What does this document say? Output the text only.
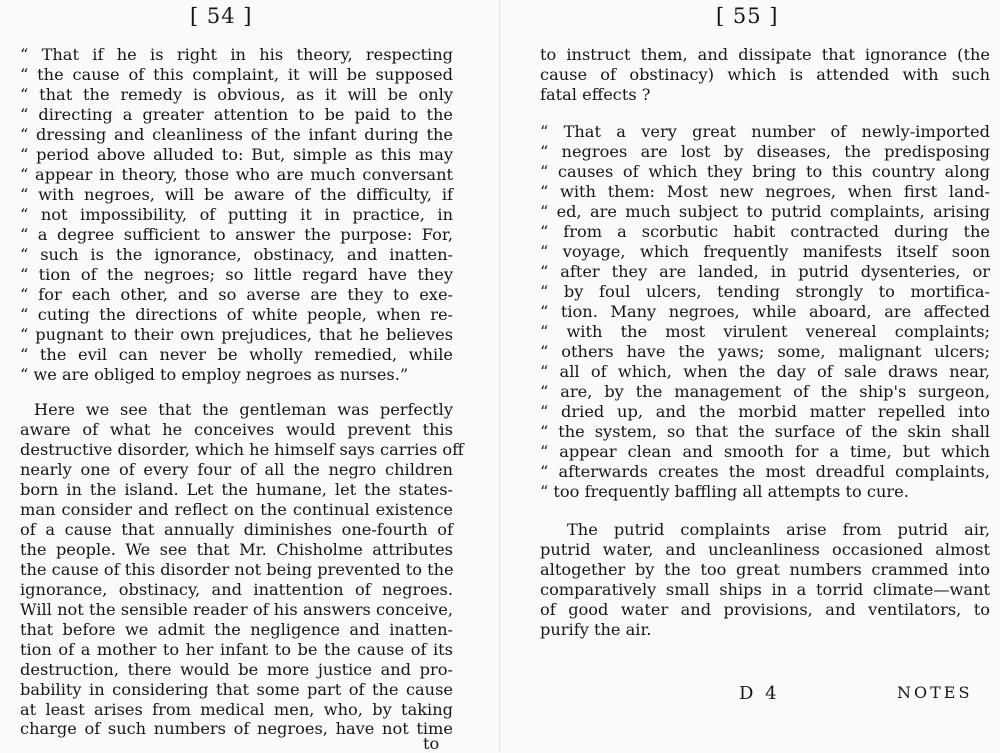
[ 54 ]
“ That if he is right in his theory, respecting
“ the cause of this complaint, it will be supposed
“ that the remedy is obvious, as it will be only
“ directing a greater attention to be paid to the
“ dressing and cleanliness of the infant during the
“ period above alluded to: But, simple as this may
“ appear in theory, those who are much conversant
“ with negroes, will be aware of the difficulty, if
“ not impossibility, of putting it in practice, in
“ a degree sufficient to answer the purpose: For,
“ such is the ignorance, obstinacy, and inatten-
“ tion of the negroes; so little regard have they
“ for each other, and so averse are they to exe-
“ cuting the directions of white people, when re-
“ pugnant to their own prejudices, that he believes
“ the evil can never be wholly remedied, while
“ we are obliged to employ negroes as nurses.”
Here we see that the gentleman was perfectly
aware of what he conceives would prevent this
destructive disorder, which he himself says carries off
nearly one of every four of all the negro children
born in the island. Let the humane, let the states-
man consider and reflect on the continual existence
of a cause that annually diminishes one-fourth of
the people. We see that Mr. Chisholme attributes
the cause of this disorder not being prevented to the
ignorance, obstinacy, and inattention of negroes.
Will not the sensible reader of his answers conceive,
that before we admit the negligence and inatten-
tion of a mother to her infant to be the cause of its
destruction, there would be more justice and pro-
bability in considering that some part of the cause
at least arises from medical men, who, by taking
charge of such numbers of negroes, have not time
to
[ 55 ]
to instruct them, and dissipate that ignorance (the
cause of obstinacy) which is attended with such
fatal effects ?
“ That a very great number of newly-imported
“ negroes are lost by diseases, the predisposing
“ causes of which they bring to this country along
“ with them: Most new negroes, when first land-
“ ed, are much subject to putrid complaints, arising
“ from a scorbutic habit contracted during the
“ voyage, which frequently manifests itself soon
“ after they are landed, in putrid dysenteries, or
“ by foul ulcers, tending strongly to mortifica-
“ tion. Many negroes, while aboard, are affected
“ with the most virulent venereal complaints;
“ others have the yaws; some, malignant ulcers;
“ all of which, when the day of sale draws near,
“ are, by the management of the ship's surgeon,
“ dried up, and the morbid matter repelled into
“ the system, so that the surface of the skin shall
“ appear clean and smooth for a time, but which
“ afterwards creates the most dreadful complaints,
“ too frequently baffling all attempts to cure.
The putrid complaints arise from putrid air,
putrid water, and uncleanliness occasioned almost
altogether by the too great numbers crammed into
comparatively small ships in a torrid climate—want
of good water and provisions, and ventilators, to
purify the air.
D 4	NOTES
